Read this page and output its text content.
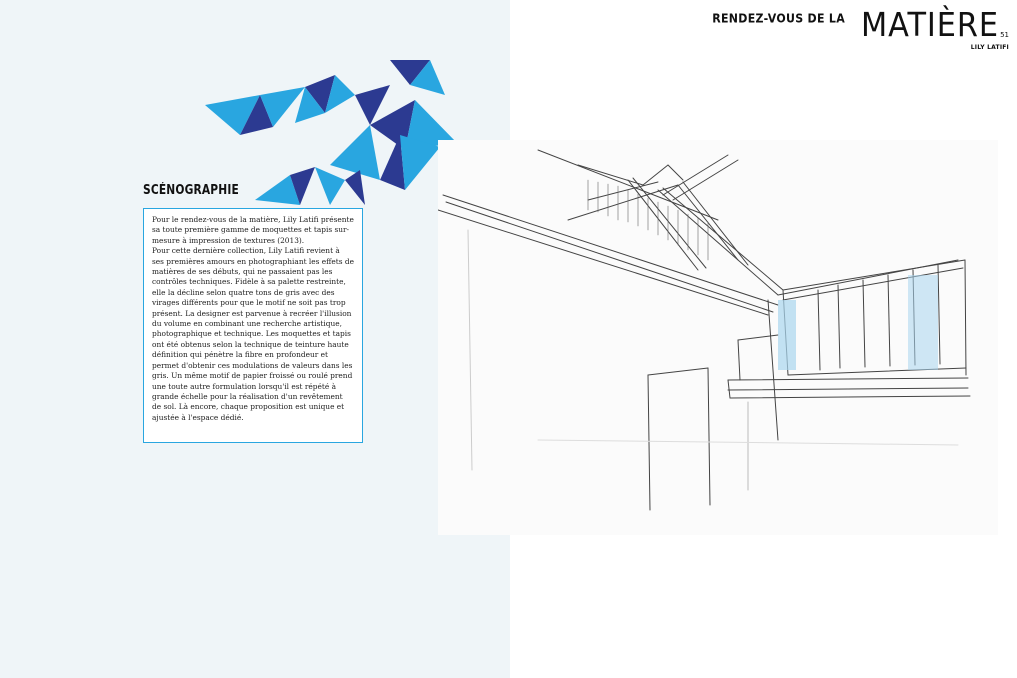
RENDEZ-VOUS DE LA MATIÈRE 51
LILY LATIFI
SCÉNOGRAPHIE

Pour le rendez-vous de la matière, Lily Latifi présente sa toute première gamme de moquettes et tapis sur-mesure à impression de textures (2013).

Pour cette dernière collection, Lily Latifi revient à ses premières amours en photographiant les effets de matières de ses débuts, qui ne passaient pas les contrôles techniques. Fidèle à sa palette restreinte, elle la décline selon quatre tons de gris avec des virages différents pour que le motif ne soit pas trop présent. La designer est parvenue à recréer l'illusion du volume en combinant une recherche artistique, photographique et technique. Les moquettes et tapis ont été obtenus selon la technique de teinture haute définition qui pénètre la fibre en profondeur et permet d'obtenir ces modulations de valeurs dans les gris. Un même motif de papier froissé ou roulé prend une toute autre formulation lorsqu'il est répété à grande échelle pour la réalisation d'un revêtement de sol. Là encore, chaque proposition est unique et ajustée à l'espace dédié.
